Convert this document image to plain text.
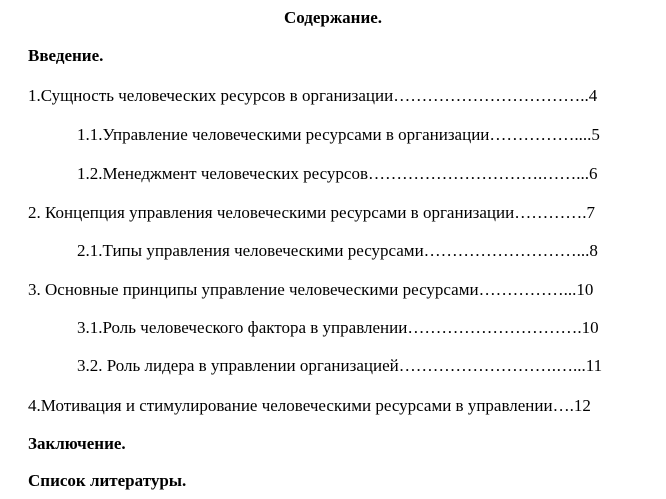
Содержание.
Введение.
1.Сущность человеческих ресурсов в организации……………………………..4
1.1.Управление человеческими ресурсами в организации……………....5
1.2.Менеджмент человеческих ресурсов………………………….……...6
2. Концепция управления человеческими ресурсами в организации………….7
2.1.Типы управления человеческими ресурсами………………………...8
3. Основные принципы управление человеческими ресурсами……………...10
3.1.Роль человеческого фактора в управлении………………………….10
3.2. Роль лидера в управлении организацией……………………….…...11
4.Мотивация и стимулирование человеческими ресурсами в управлении….12
Заключение.
Список литературы.
